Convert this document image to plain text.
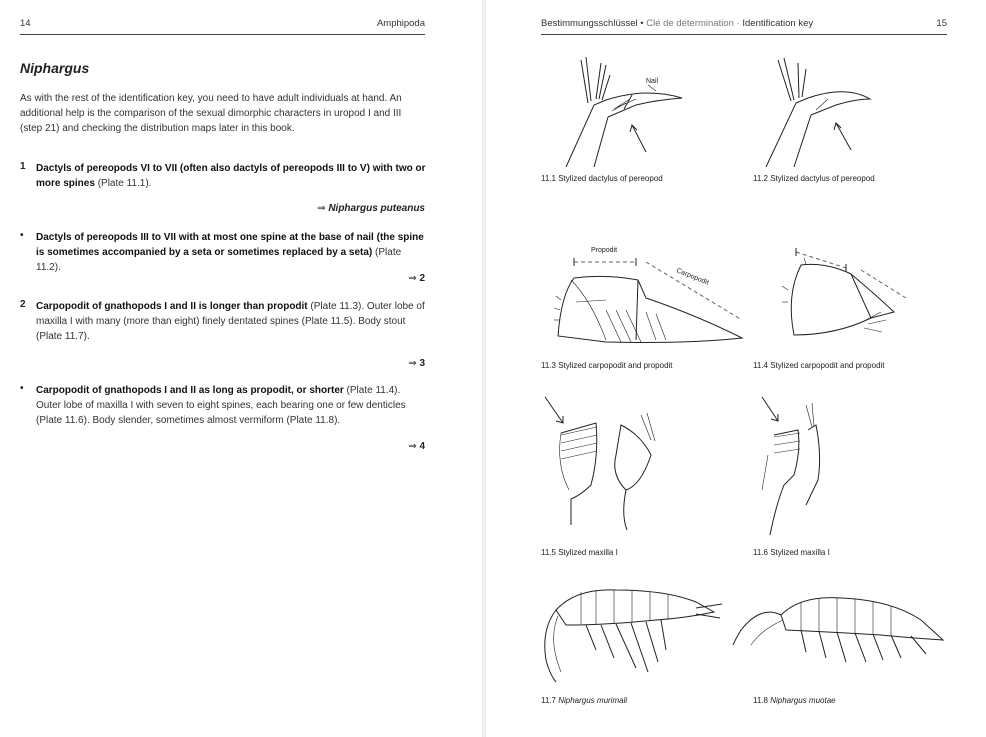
14	Amphipoda
Niphargus
As with the rest of the identification key, you need to have adult individuals at hand. An additional help is the comparison of the sexual dimorphic characters in uropod I and III (step 21) and checking the distribution maps later in this book.
1 Dactyls of pereopods VI to VII (often also dactyls of pereopods III to V) with two or more spines (Plate 11.1).
⇒ Niphargus puteanus
• Dactyls of pereopods III to VII with at most one spine at the base of nail (the spine is sometimes accompanied by a seta or sometimes replaced by a seta) (Plate 11.2).
⇒ 2
2 Carpopodit of gnathopods I and II is longer than propodit (Plate 11.3). Outer lobe of maxilla I with many (more than eight) finely dentated spines (Plate 11.5). Body stout (Plate 11.7).
⇒ 3
• Carpopodit of gnathopods I and II as long as propodit, or shorter (Plate 11.4). Outer lobe of maxilla I with seven to eight spines, each bearing one or few denticles (Plate 11.6). Body slender, sometimes almost vermiform (Plate 11.8).
⇒ 4
Bestimmungsschlüssel • Clé de détermination · Identification key	15
Nail
11.1 Stylized dactylus of pereopod	11.2 Stylized dactylus of pereopod
Propodit
Carpopodit
11.3 Stylized carpopodit and propodit	11.4 Stylized carpopodit and propodit
11.5 Stylized maxilla I	11.6 Stylized maxilla I
11.7 Niphargus murimali	11.8 Niphargus muotae
